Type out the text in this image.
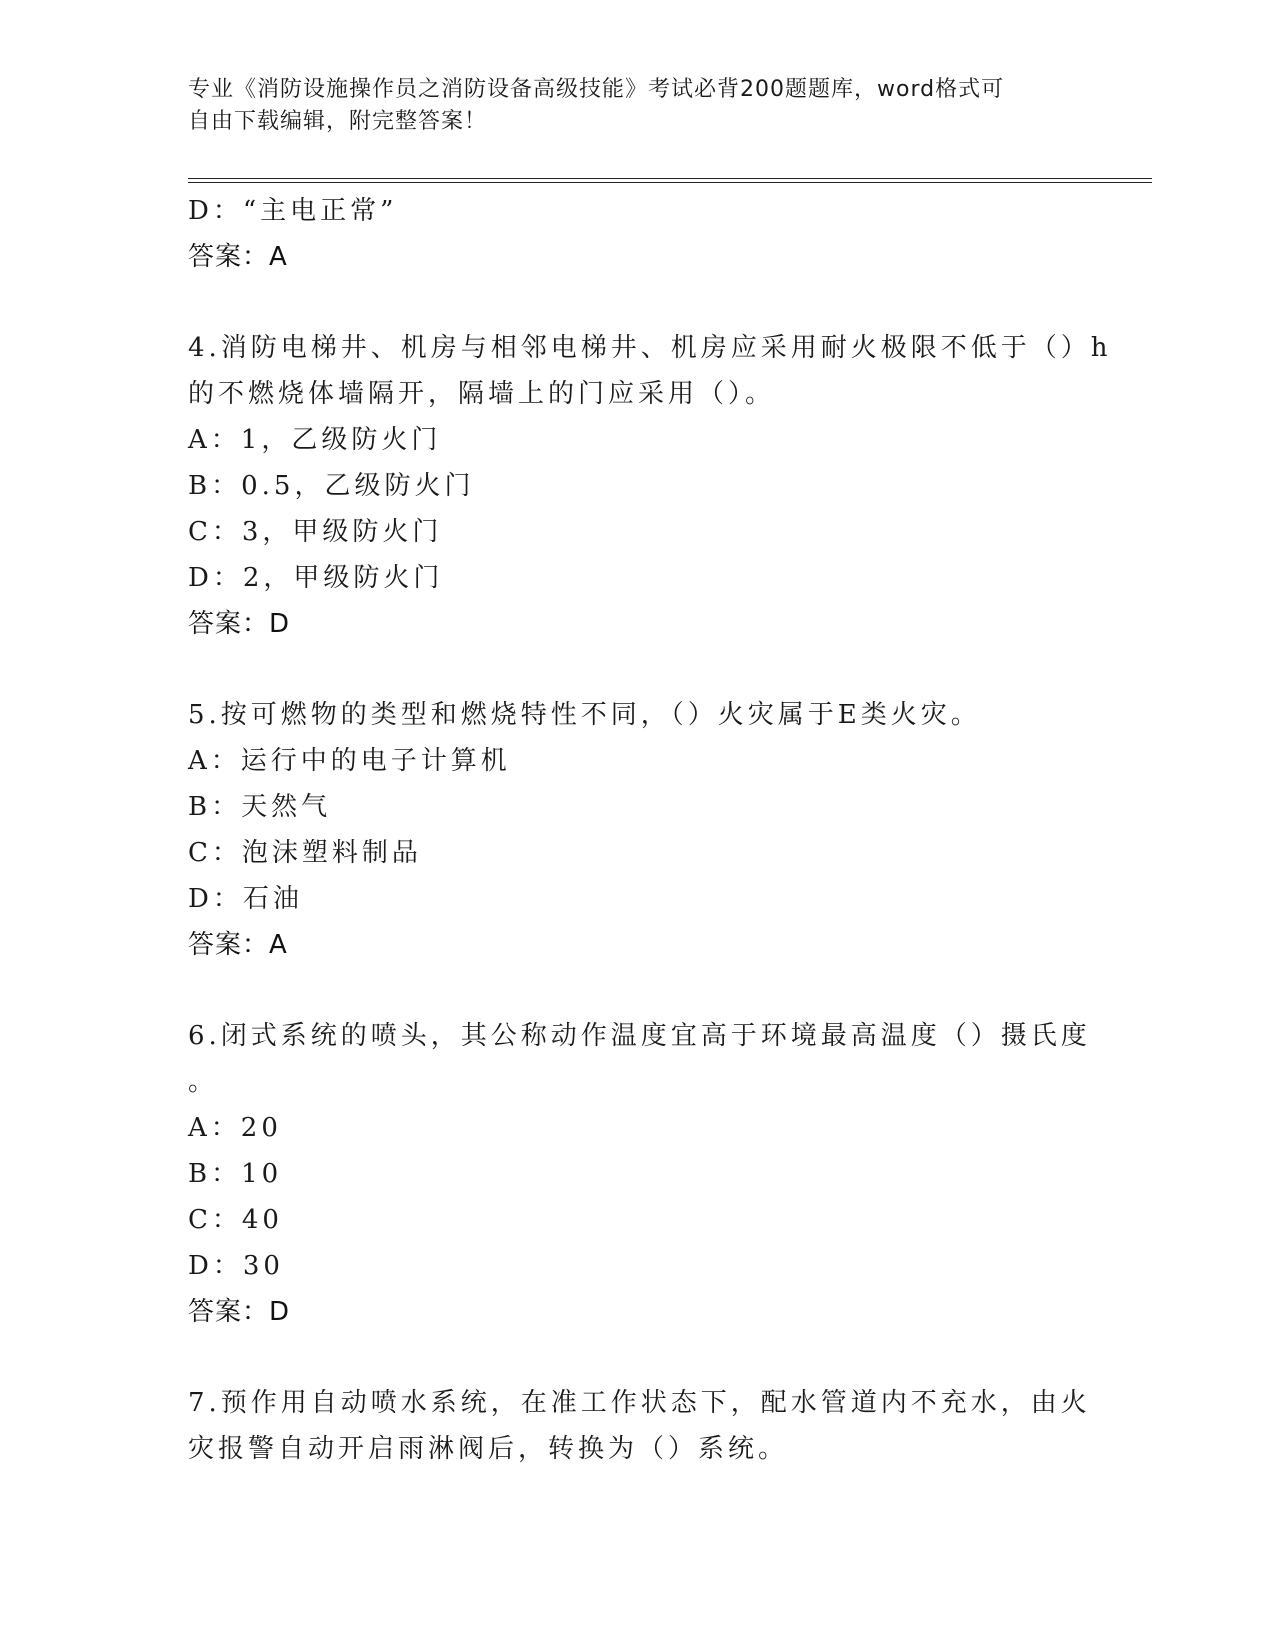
专业《消防设施操作员之消防设备高级技能》考试必背200题题库，word格式可
自由下载编辑，附完整答案！
D：“主电正常”
答案：A
4.消防电梯井、机房与相邻电梯井、机房应采用耐火极限不低于（）h
的不燃烧体墙隔开，隔墙上的门应采用（）。
A：1，乙级防火门
B：0.5，乙级防火门
C：3，甲级防火门
D：2，甲级防火门
答案：D
5.按可燃物的类型和燃烧特性不同，（）火灾属于E类火灾。
A：运行中的电子计算机
B：天然气
C：泡沫塑料制品
D：石油
答案：A
6.闭式系统的喷头，其公称动作温度宜高于环境最高温度（）摄氏度
。
A：20
B：10
C：40
D：30
答案：D
7.预作用自动喷水系统，在准工作状态下，配水管道内不充水，由火
灾报警自动开启雨淋阀后，转换为（）系统。
